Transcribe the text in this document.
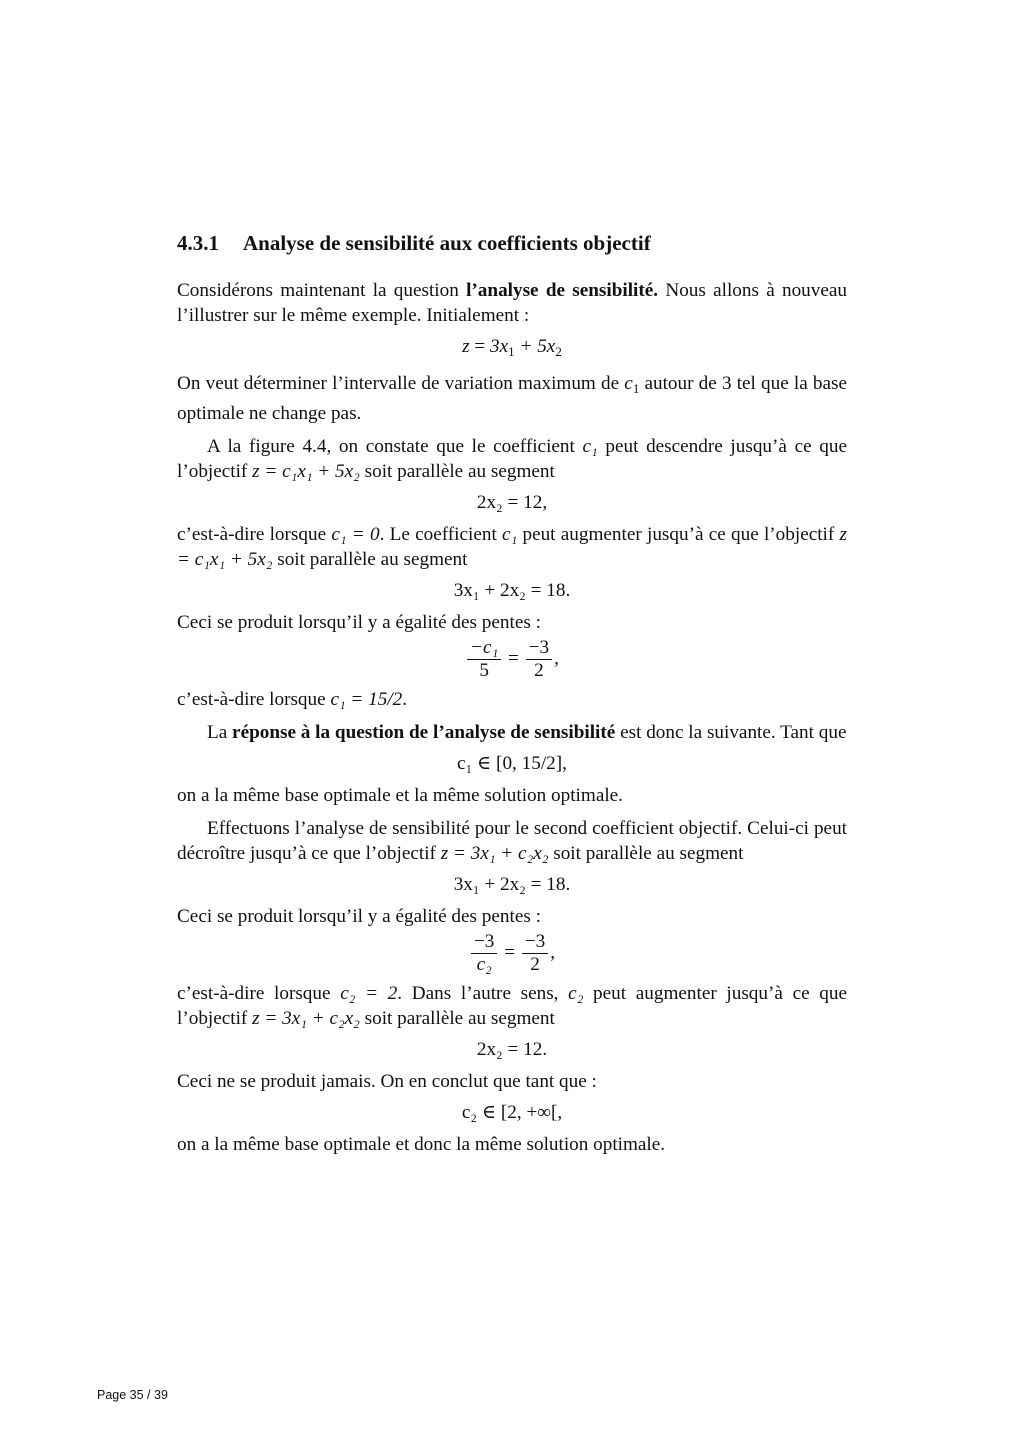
4.3.1 Analyse de sensibilité aux coefficients objectif

Considérons maintenant la question l’analyse de sensibilité. Nous allons à nouveau l’illustrer sur le même exemple. Initialement :

$z = 3x_1 + 5x_2$

On veut déterminer l’intervalle de variation maximum de $c_1$ autour de 3 tel que la base optimale ne change pas.

A la figure 4.4, on constate que le coefficient c₁ peut descendre jusqu’à ce que l’objectif z = c₁x₁ + 5x₂ soit parallèle au segment

2x₂ = 12,

c’est-à-dire lorsque c₁ = 0. Le coefficient c₁ peut augmenter jusqu’à ce que l’objectif z = c₁x₁ + 5x₂ soit parallèle au segment

3x₁ + 2x₂ = 18.

Ceci se produit lorsqu’il y a égalité des pentes :

$\frac{\text{−c₁}}{5} = \frac{-3}{2}$ ,

c’est-à-dire lorsque c₁ = 15/2.

La réponse à la question de l’analyse de sensibilité est donc la suivante. Tant que

c₁ ∈ [0, 15/2],

on a la même base optimale et la même solution optimale.

Effectuons l’analyse de sensibilité pour le second coefficient objectif. Celui-ci peut décroître jusqu’à ce que l’objectif z = 3x₁ + c₂x₂ soit parallèle au segment

3x₁ + 2x₂ = 18.

Ceci se produit lorsqu’il y a égalité des pentes :

$\frac{-3}{\text{c₂}} = \frac{-3}{2}$ ,

c’est-à-dire lorsque c₂ = 2. Dans l’autre sens, c₂ peut augmenter jusqu’à ce que l’objectif z = 3x₁ + c₂x₂ soit parallèle au segment

2x₂ = 12.

Ceci ne se produit jamais. On en conclut que tant que :

c₂ ∈ [2, +∞[,

on a la même base optimale et donc la même solution optimale.

Page 35 / 39
